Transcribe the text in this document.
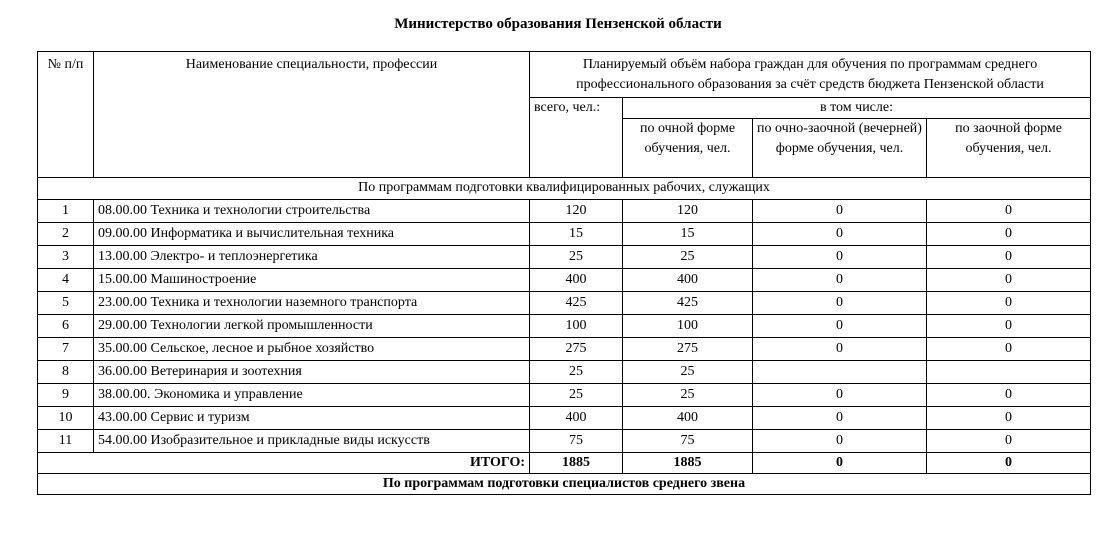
Министерство образования Пензенской области
№ п/п	Наименование специальности, профессии	Планируемый объём набора граждан для обучения по программам среднего профессионального образования за счёт средств бюджета Пензенской области			
		всего, чел.:	в том числе:		
			по очной форме обучения, чел.	по очно-заочной (вечерней) форме обучения, чел.	по заочной форме обучения, чел.
По программам подготовки квалифицированных рабочих, служащих					
1	08.00.00 Техника и технологии строительства	120	120	0	0
2	09.00.00 Информатика и вычислительная техника	15	15	0	0
3	13.00.00 Электро- и теплоэнергетика	25	25	0	0
4	15.00.00 Машиностроение	400	400	0	0
5	23.00.00 Техника и технологии наземного транспорта	425	425	0	0
6	29.00.00 Технологии легкой промышленности	100	100	0	0
7	35.00.00 Сельское, лесное и рыбное хозяйство	275	275	0	0
8	36.00.00 Ветеринария и зоотехния	25	25		
9	38.00.00. Экономика и управление	25	25	0	0
10	43.00.00 Сервис и туризм	400	400	0	0
11	54.00.00 Изобразительное и прикладные виды искусств	75	75	0	0
ИТОГО:		1885	1885	0	0
По программам подготовки специалистов среднего звена					
